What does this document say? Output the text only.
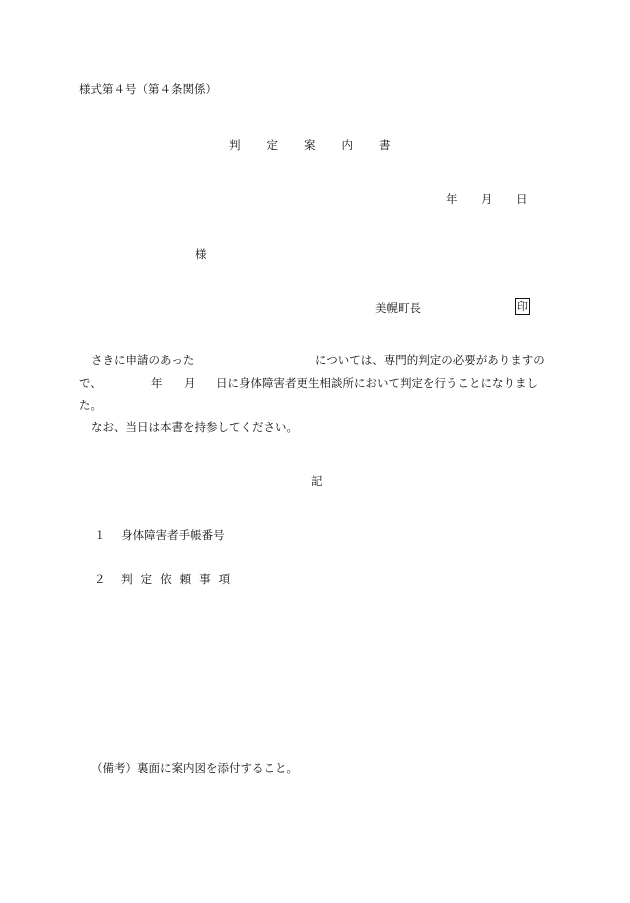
様式第４号（第４条関係）
判定案内書
年 月 日
様
美幌町長	印
さきに申請のあった	については、専門的判定の必要がありますの
で、	年 月 日に身体障害者更生相談所において判定を行うことになりまし
た。
なお、当日は本書を持参してください。
記
１ 身体障害者手帳番号
２ 判定依頼事項
（備考）裏面に案内図を添付すること。
